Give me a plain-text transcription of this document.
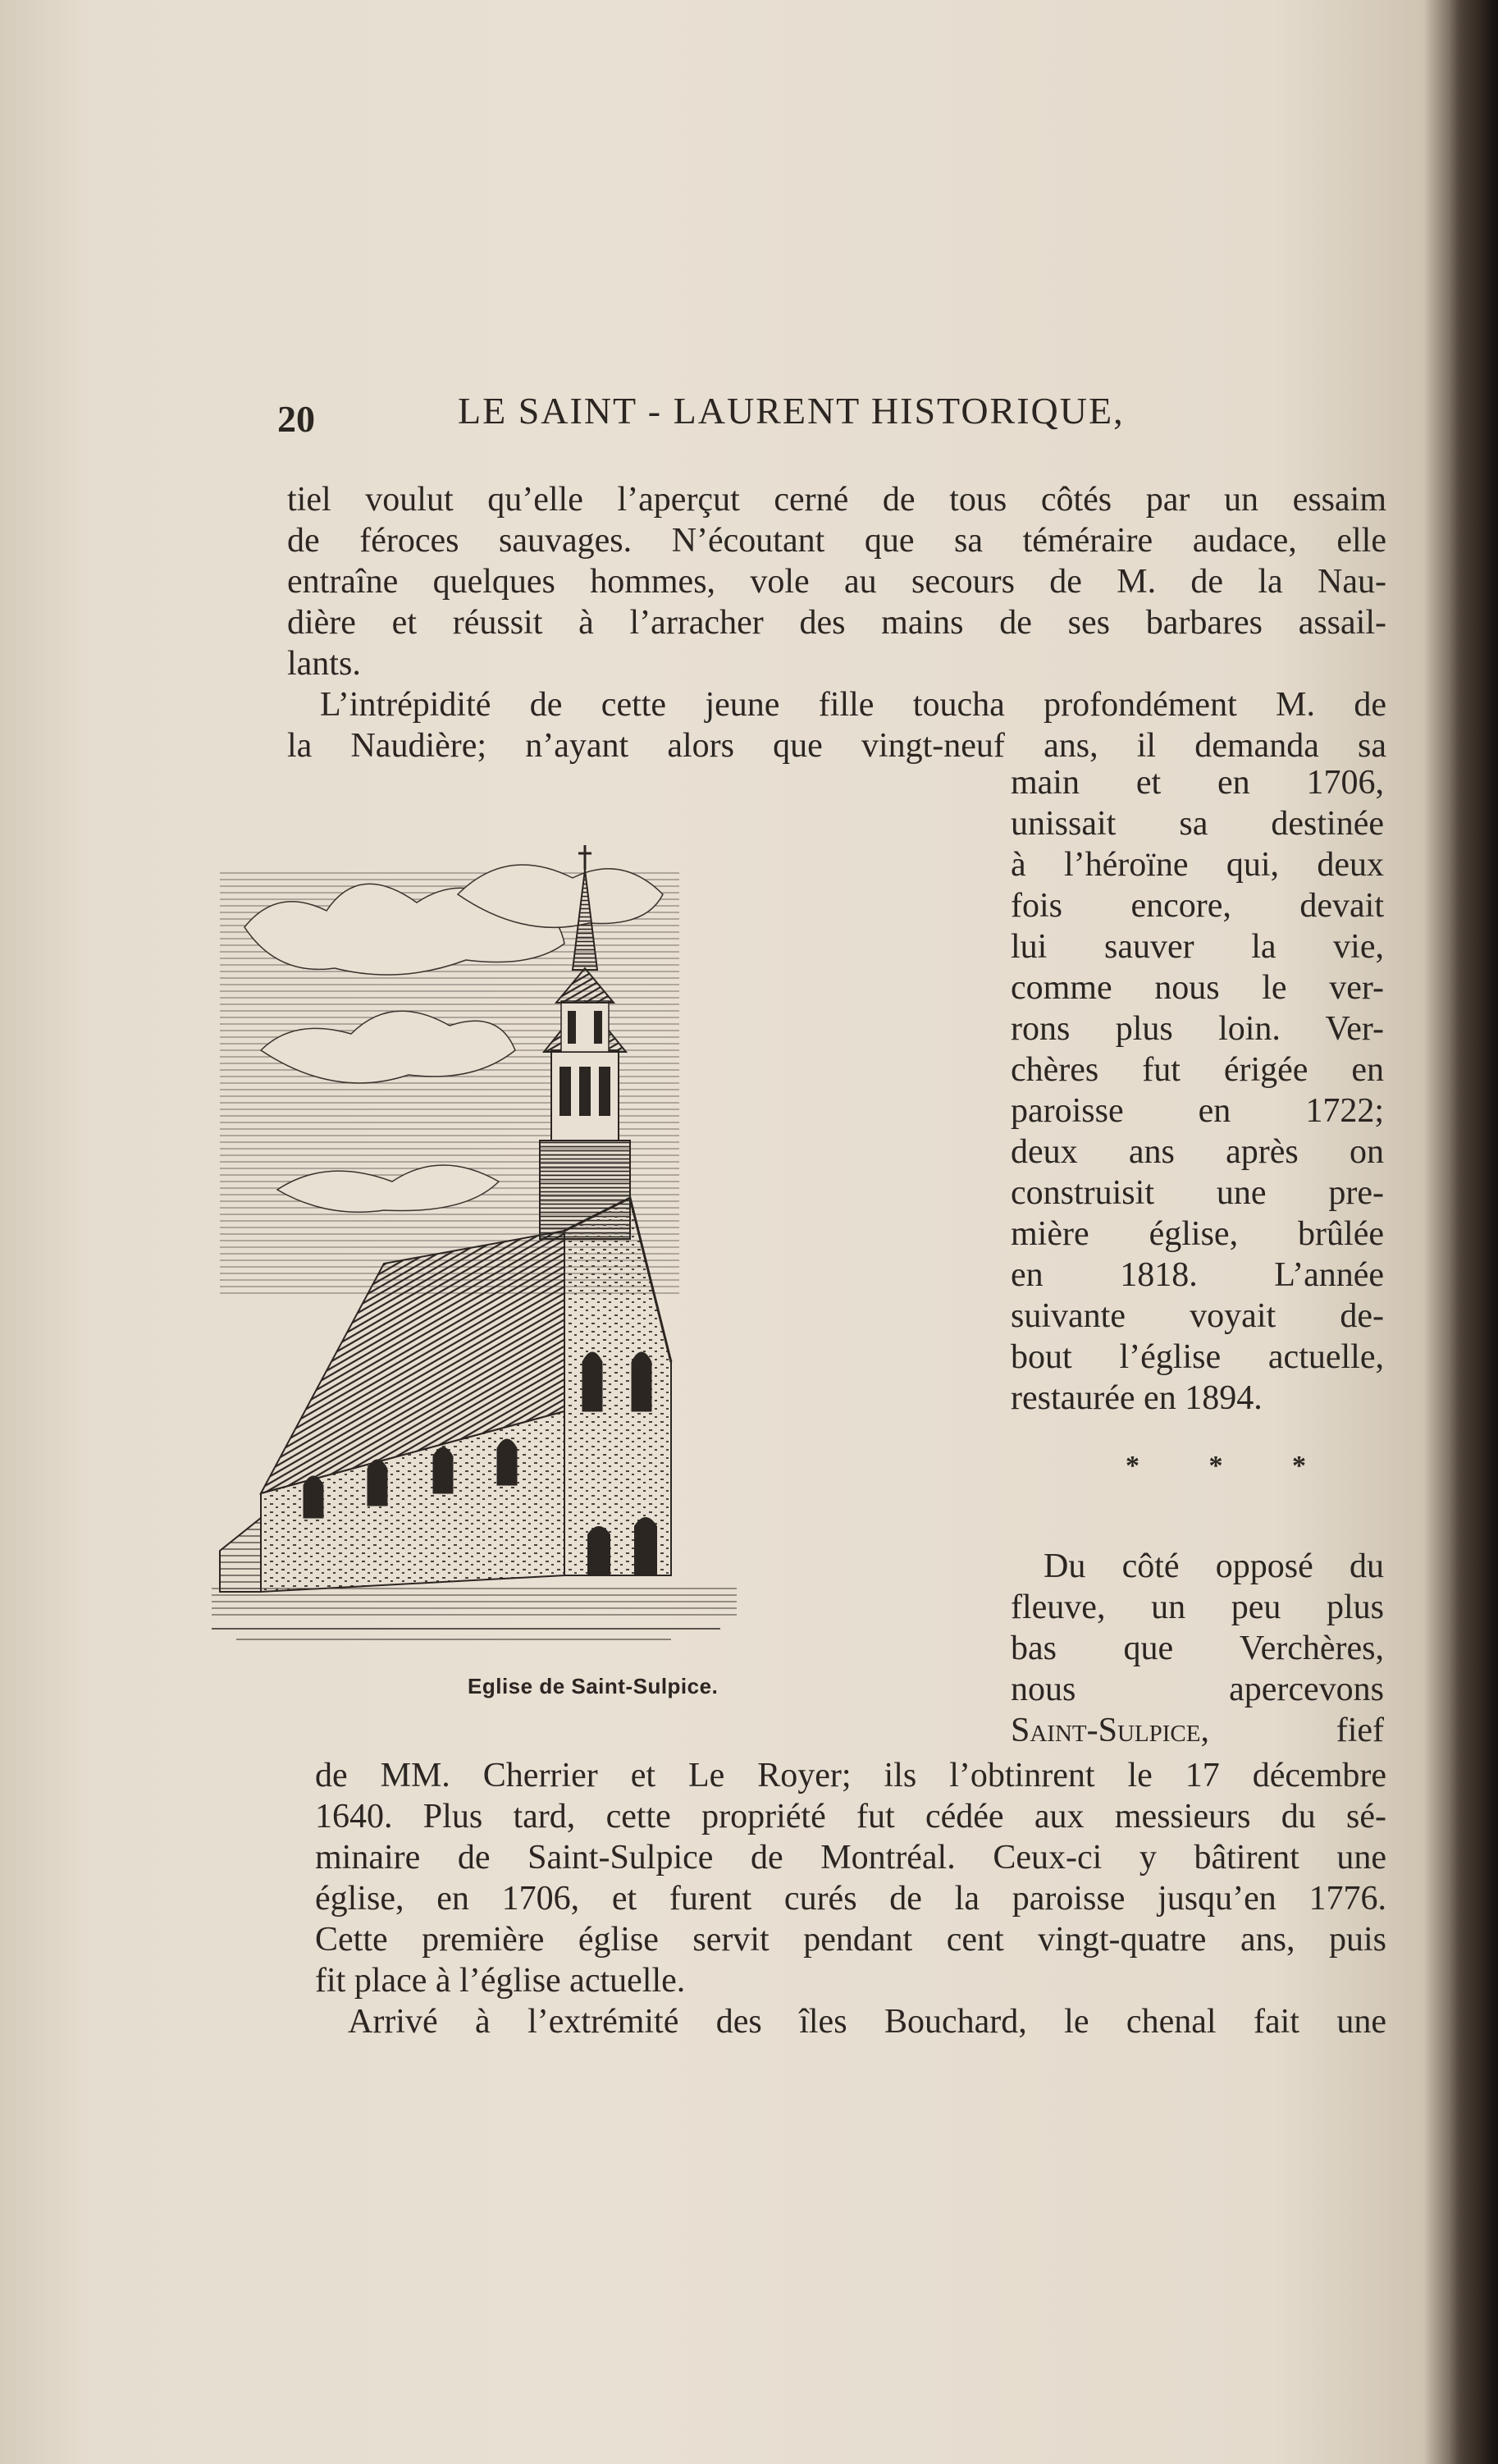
20	LE SAINT - LAURENT HISTORIQUE,
tiel voulut qu’elle l’aperçut cerné de tous côtés par un essaim
de féroces sauvages. N’écoutant que sa téméraire audace, elle
entraîne quelques hommes, vole au secours de M. de la Nau-
dière et réussit à l’arracher des mains de ses barbares assail-
lants.
L’intrépidité de cette jeune fille toucha profondément M. de
la Naudière; n’ayant alors que vingt-neuf ans, il demanda sa
main et en 1706,
unissait sa destinée
à l’héroïne qui, deux
fois encore, devait
lui sauver la vie,
comme nous le ver-
rons plus loin. Ver-
chères fut érigée en
paroisse en 1722;
deux ans après on
construisit une pre-
mière église, brûlée
en 1818. L’année
suivante voyait de-
bout l’église actuelle,
restaurée en 1894.
* * *
Du côté opposé du
fleuve, un peu plus
bas que Verchères,
nous apercevons
Saint-Sulpice,	fief
Eglise de Saint-Sulpice.
de MM. Cherrier et Le Royer; ils l’obtinrent le 17 décembre
1640. Plus tard, cette propriété fut cédée aux messieurs du sé-
minaire de Saint-Sulpice de Montréal. Ceux-ci y bâtirent une
église, en 1706, et furent curés de la paroisse jusqu’en 1776.
Cette première église servit pendant cent vingt-quatre ans, puis
fit place à l’église actuelle.
Arrivé à l’extrémité des îles Bouchard, le chenal fait une
